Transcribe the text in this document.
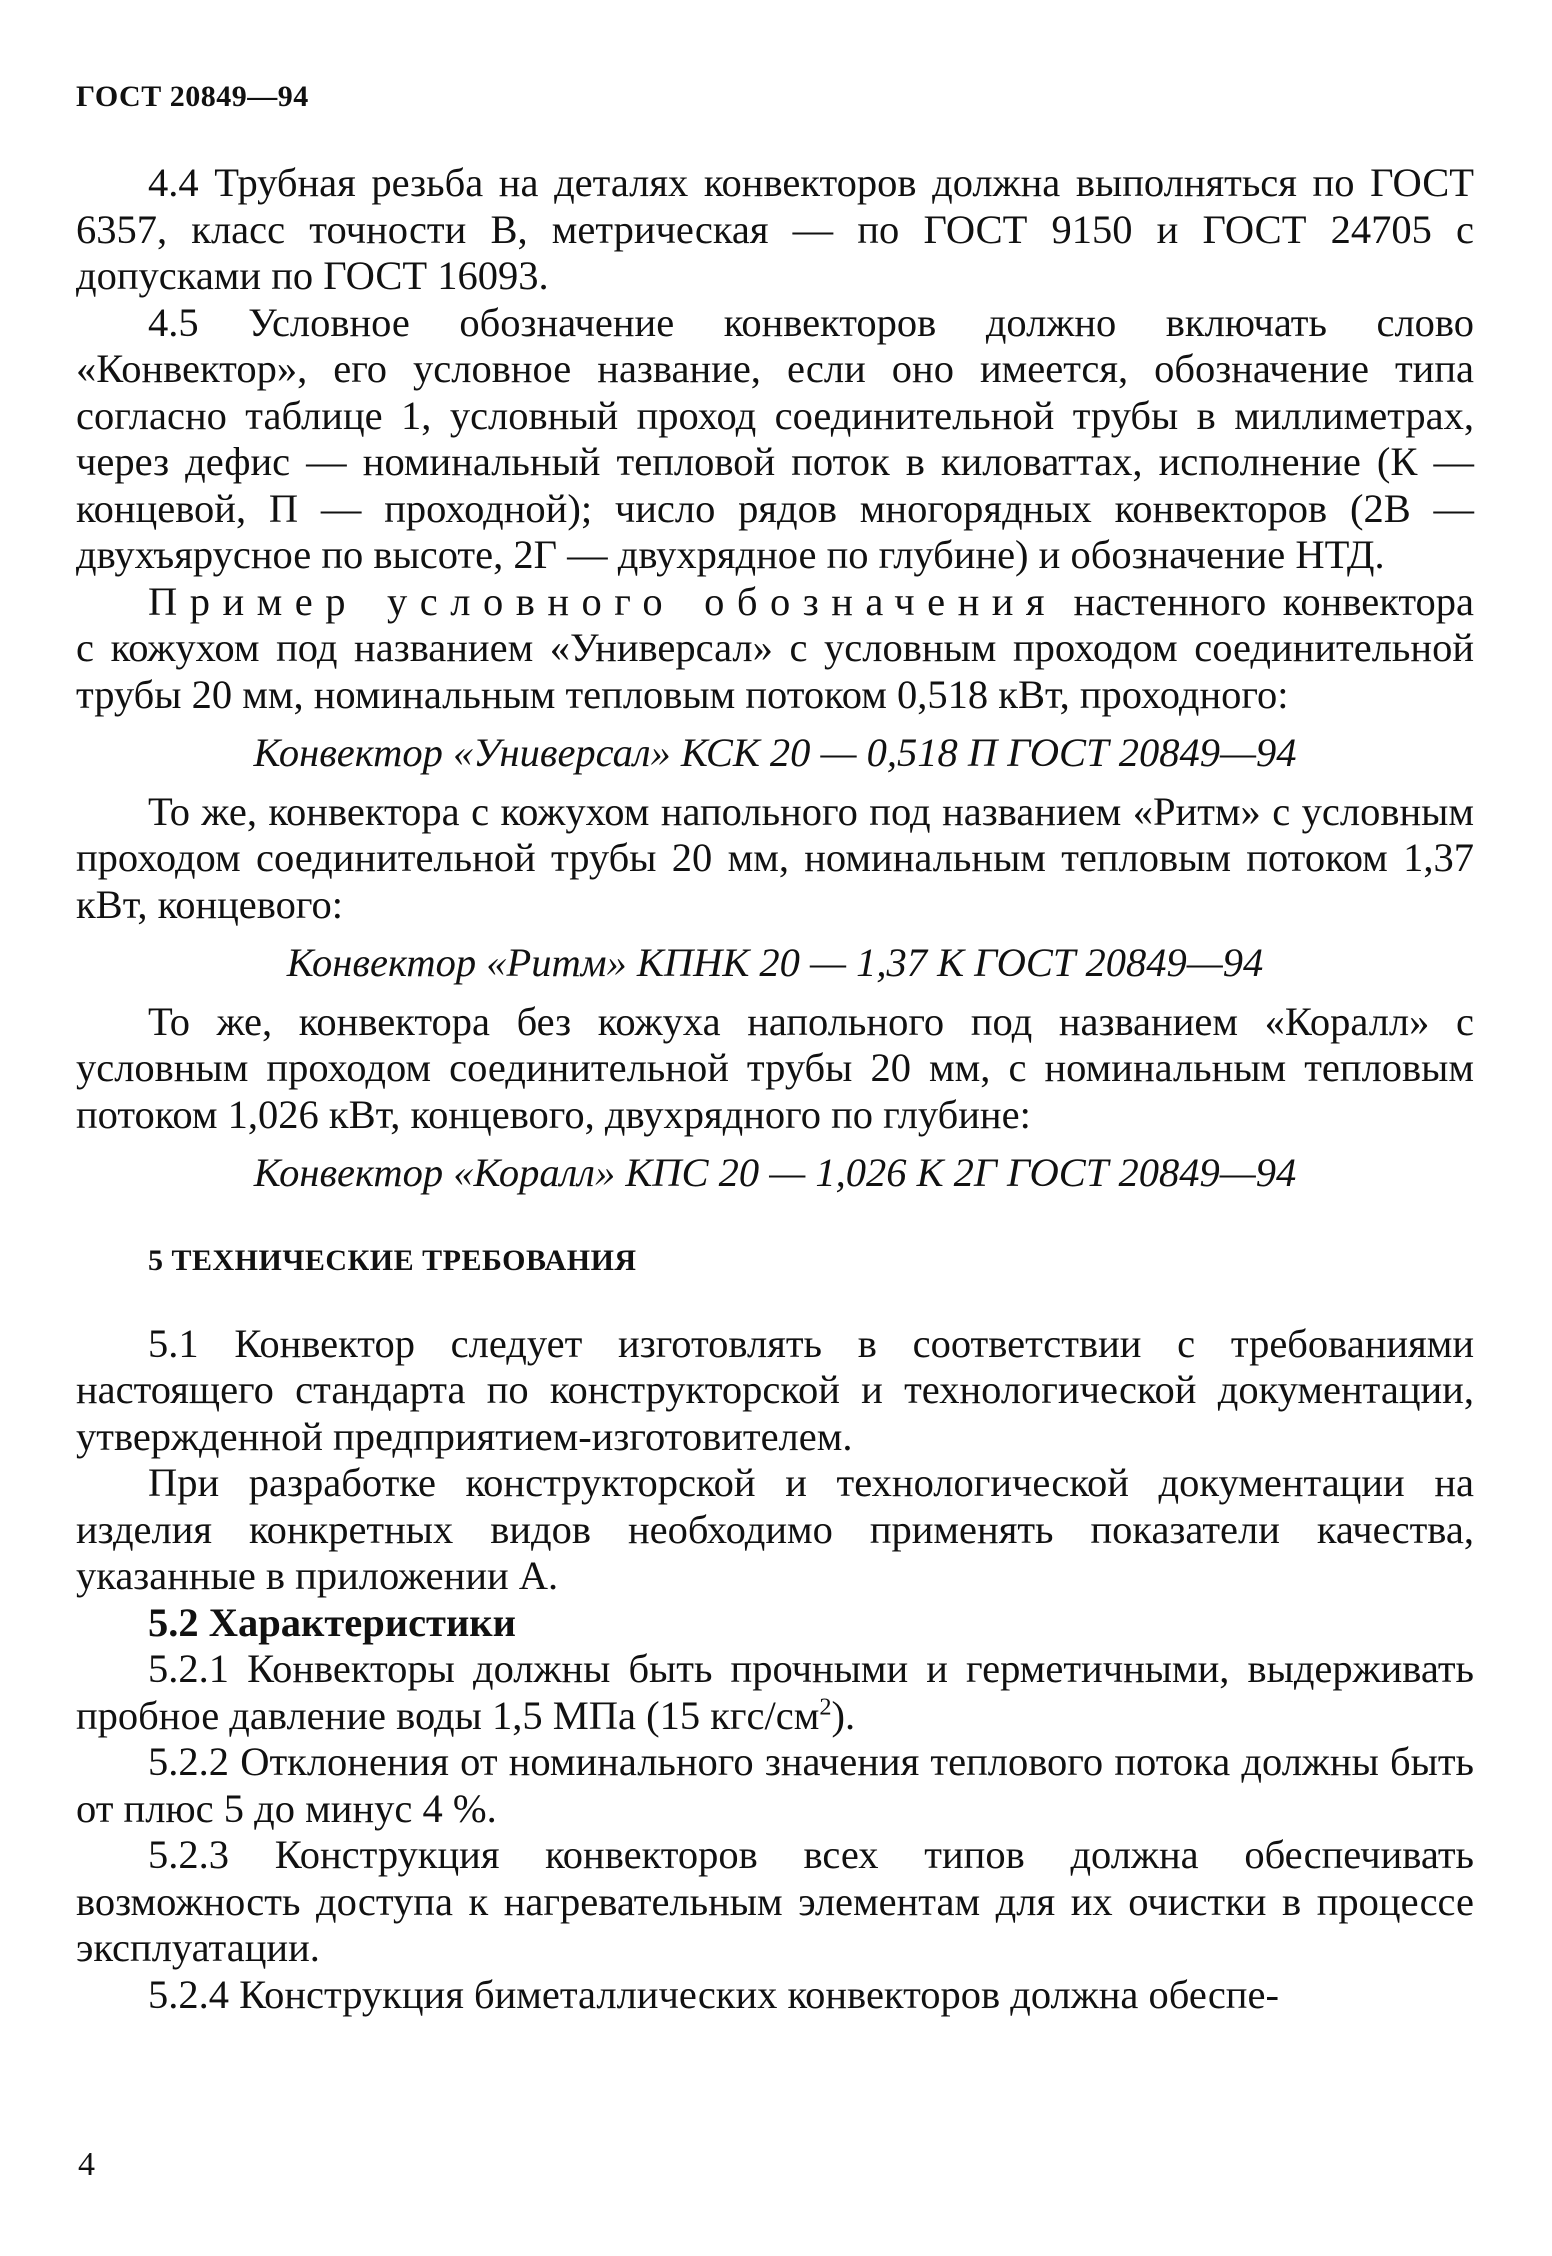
ГОСТ 20849—94

4.4 Трубная резьба на деталях конвекторов должна выполняться по ГОСТ 6357, класс точности B, метрическая — по ГОСТ 9150 и ГОСТ 24705 с допусками по ГОСТ 16093.

4.5 Условное обозначение конвекторов должно включать слово «Конвектор», его условное название, если оно имеется, обозначение типа согласно таблице 1, условный проход соединительной трубы в миллиметрах, через дефис — номинальный тепловой поток в киловаттах, исполнение (К — концевой, П — проходной); число рядов многорядных конвекторов (2В — двухъярусное по высоте, 2Г — двухрядное по глубине) и обозначение НТД.

Пример условного обозначения настенного конвектора с кожухом под названием «Универсал» с условным проходом соединительной трубы 20 мм, номинальным тепловым потоком 0,518 кВт, проходного:

Конвектор «Универсал» КСК 20 — 0,518 П ГОСТ 20849—94

То же, конвектора с кожухом напольного под названием «Ритм» с условным проходом соединительной трубы 20 мм, номинальным тепловым потоком 1,37 кВт, концевого:

Конвектор «Ритм» КПНК 20 — 1,37 К ГОСТ 20849—94

То же, конвектора без кожуха напольного под названием «Коралл» с условным проходом соединительной трубы 20 мм, с номинальным тепловым потоком 1,026 кВт, концевого, двухрядного по глубине:

Конвектор «Коралл» КПС 20 — 1,026 К 2Г ГОСТ 20849—94

5 ТЕХНИЧЕСКИЕ ТРЕБОВАНИЯ

5.1 Конвектор следует изготовлять в соответствии с требованиями настоящего стандарта по конструкторской и технологической документации, утвержденной предприятием-изготовителем.

При разработке конструкторской и технологической документации на изделия конкретных видов необходимо применять показатели качества, указанные в приложении А.

5.2 Характеристики

5.2.1 Конвекторы должны быть прочными и герметичными, выдерживать пробное давление воды 1,5 МПа (15 кгс/$см^2$).

5.2.2 Отклонения от номинального значения теплового потока должны быть от плюс 5 до минус 4 %.

5.2.3 Конструкция конвекторов всех типов должна обеспечивать возможность доступа к нагревательным элементам для их очистки в процессе эксплуатации.

5.2.4 Конструкция биметаллических конвекторов должна обеспе-

4
